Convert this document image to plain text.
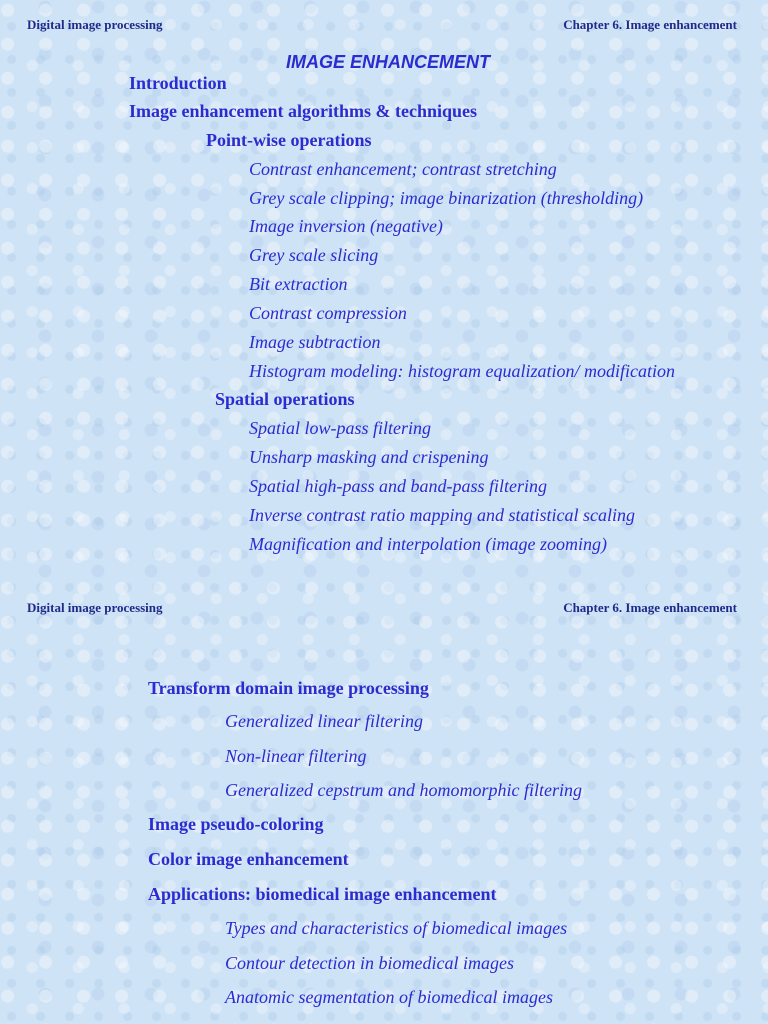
Digital image processing	Chapter 6. Image enhancement
IMAGE ENHANCEMENT
Introduction
Image enhancement algorithms & techniques
Point-wise operations
Contrast enhancement; contrast stretching
Grey scale clipping; image binarization (thresholding)
Image inversion (negative)
Grey scale slicing
Bit extraction
Contrast compression
Image subtraction
Histogram modeling: histogram equalization/ modification
Spatial operations
Spatial low-pass filtering
Unsharp masking and crispening
Spatial high-pass and band-pass filtering
Inverse contrast ratio mapping and statistical scaling
Magnification and interpolation (image zooming)
Digital image processing	Chapter 6. Image enhancement
Transform domain image processing
Generalized linear filtering
Non-linear filtering
Generalized cepstrum and homomorphic filtering
Image pseudo-coloring
Color image enhancement
Applications: biomedical image enhancement
Types and characteristics of biomedical images
Contour detection in biomedical images
Anatomic segmentation of biomedical images
